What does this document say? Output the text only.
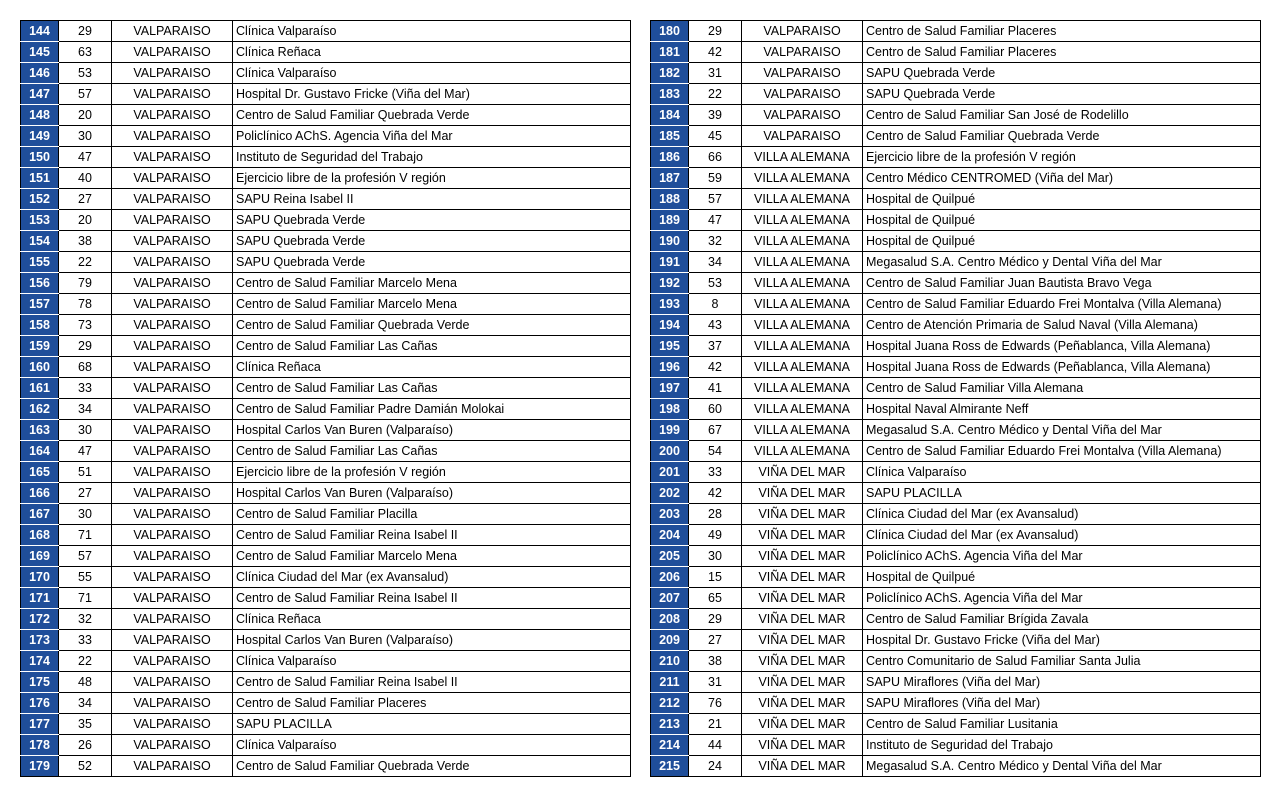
144	29	VALPARAISO	Clínica Valparaíso
145	63	VALPARAISO	Clínica Reñaca
146	53	VALPARAISO	Clínica Valparaíso
147	57	VALPARAISO	Hospital Dr. Gustavo Fricke (Viña del Mar)
148	20	VALPARAISO	Centro de Salud Familiar Quebrada Verde
149	30	VALPARAISO	Policlínico AChS. Agencia Viña del Mar
150	47	VALPARAISO	Instituto de Seguridad del Trabajo
151	40	VALPARAISO	Ejercicio libre de la profesión V región
152	27	VALPARAISO	SAPU Reina Isabel II
153	20	VALPARAISO	SAPU Quebrada Verde
154	38	VALPARAISO	SAPU Quebrada Verde
155	22	VALPARAISO	SAPU Quebrada Verde
156	79	VALPARAISO	Centro de Salud Familiar Marcelo Mena
157	78	VALPARAISO	Centro de Salud Familiar Marcelo Mena
158	73	VALPARAISO	Centro de Salud Familiar Quebrada Verde
159	29	VALPARAISO	Centro de Salud Familiar Las Cañas
160	68	VALPARAISO	Clínica Reñaca
161	33	VALPARAISO	Centro de Salud Familiar Las Cañas
162	34	VALPARAISO	Centro de Salud Familiar Padre Damián Molokai
163	30	VALPARAISO	Hospital Carlos Van Buren (Valparaíso)
164	47	VALPARAISO	Centro de Salud Familiar Las Cañas
165	51	VALPARAISO	Ejercicio libre de la profesión V región
166	27	VALPARAISO	Hospital Carlos Van Buren (Valparaíso)
167	30	VALPARAISO	Centro de Salud Familiar Placilla
168	71	VALPARAISO	Centro de Salud Familiar Reina Isabel II
169	57	VALPARAISO	Centro de Salud Familiar Marcelo Mena
170	55	VALPARAISO	Clínica Ciudad del Mar (ex Avansalud)
171	71	VALPARAISO	Centro de Salud Familiar Reina Isabel II
172	32	VALPARAISO	Clínica Reñaca
173	33	VALPARAISO	Hospital Carlos Van Buren (Valparaíso)
174	22	VALPARAISO	Clínica Valparaíso
175	48	VALPARAISO	Centro de Salud Familiar Reina Isabel II
176	34	VALPARAISO	Centro de Salud Familiar Placeres
177	35	VALPARAISO	SAPU PLACILLA
178	26	VALPARAISO	Clínica Valparaíso
179	52	VALPARAISO	Centro de Salud Familiar Quebrada Verde
180	29	VALPARAISO	Centro de Salud Familiar Placeres
181	42	VALPARAISO	Centro de Salud Familiar Placeres
182	31	VALPARAISO	SAPU Quebrada Verde
183	22	VALPARAISO	SAPU Quebrada Verde
184	39	VALPARAISO	Centro de Salud Familiar San José de Rodelillo
185	45	VALPARAISO	Centro de Salud Familiar Quebrada Verde
186	66	VILLA ALEMANA	Ejercicio libre de la profesión V región
187	59	VILLA ALEMANA	Centro Médico CENTROMED (Viña del Mar)
188	57	VILLA ALEMANA	Hospital de Quilpué
189	47	VILLA ALEMANA	Hospital de Quilpué
190	32	VILLA ALEMANA	Hospital de Quilpué
191	34	VILLA ALEMANA	Megasalud S.A. Centro Médico y Dental Viña del Mar
192	53	VILLA ALEMANA	Centro de Salud Familiar Juan Bautista Bravo Vega
193	8	VILLA ALEMANA	Centro de Salud Familiar Eduardo Frei Montalva (Villa Alemana)
194	43	VILLA ALEMANA	Centro de Atención Primaria de Salud Naval (Villa Alemana)
195	37	VILLA ALEMANA	Hospital Juana Ross de Edwards (Peñablanca, Villa Alemana)
196	42	VILLA ALEMANA	Hospital Juana Ross de Edwards (Peñablanca, Villa Alemana)
197	41	VILLA ALEMANA	Centro de Salud Familiar Villa Alemana
198	60	VILLA ALEMANA	Hospital Naval Almirante Neff
199	67	VILLA ALEMANA	Megasalud S.A. Centro Médico y Dental Viña del Mar
200	54	VILLA ALEMANA	Centro de Salud Familiar Eduardo Frei Montalva (Villa Alemana)
201	33	VIÑA DEL MAR	Clínica Valparaíso
202	42	VIÑA DEL MAR	SAPU PLACILLA
203	28	VIÑA DEL MAR	Clínica Ciudad del Mar (ex Avansalud)
204	49	VIÑA DEL MAR	Clínica Ciudad del Mar (ex Avansalud)
205	30	VIÑA DEL MAR	Policlínico AChS. Agencia Viña del Mar
206	15	VIÑA DEL MAR	Hospital de Quilpué
207	65	VIÑA DEL MAR	Policlínico AChS. Agencia Viña del Mar
208	29	VIÑA DEL MAR	Centro de Salud Familiar Brígida Zavala
209	27	VIÑA DEL MAR	Hospital Dr. Gustavo Fricke (Viña del Mar)
210	38	VIÑA DEL MAR	Centro Comunitario de Salud Familiar Santa Julia
211	31	VIÑA DEL MAR	SAPU Miraflores (Viña del Mar)
212	76	VIÑA DEL MAR	SAPU Miraflores (Viña del Mar)
213	21	VIÑA DEL MAR	Centro de Salud Familiar Lusitania
214	44	VIÑA DEL MAR	Instituto de Seguridad del Trabajo
215	24	VIÑA DEL MAR	Megasalud S.A. Centro Médico y Dental Viña del Mar
